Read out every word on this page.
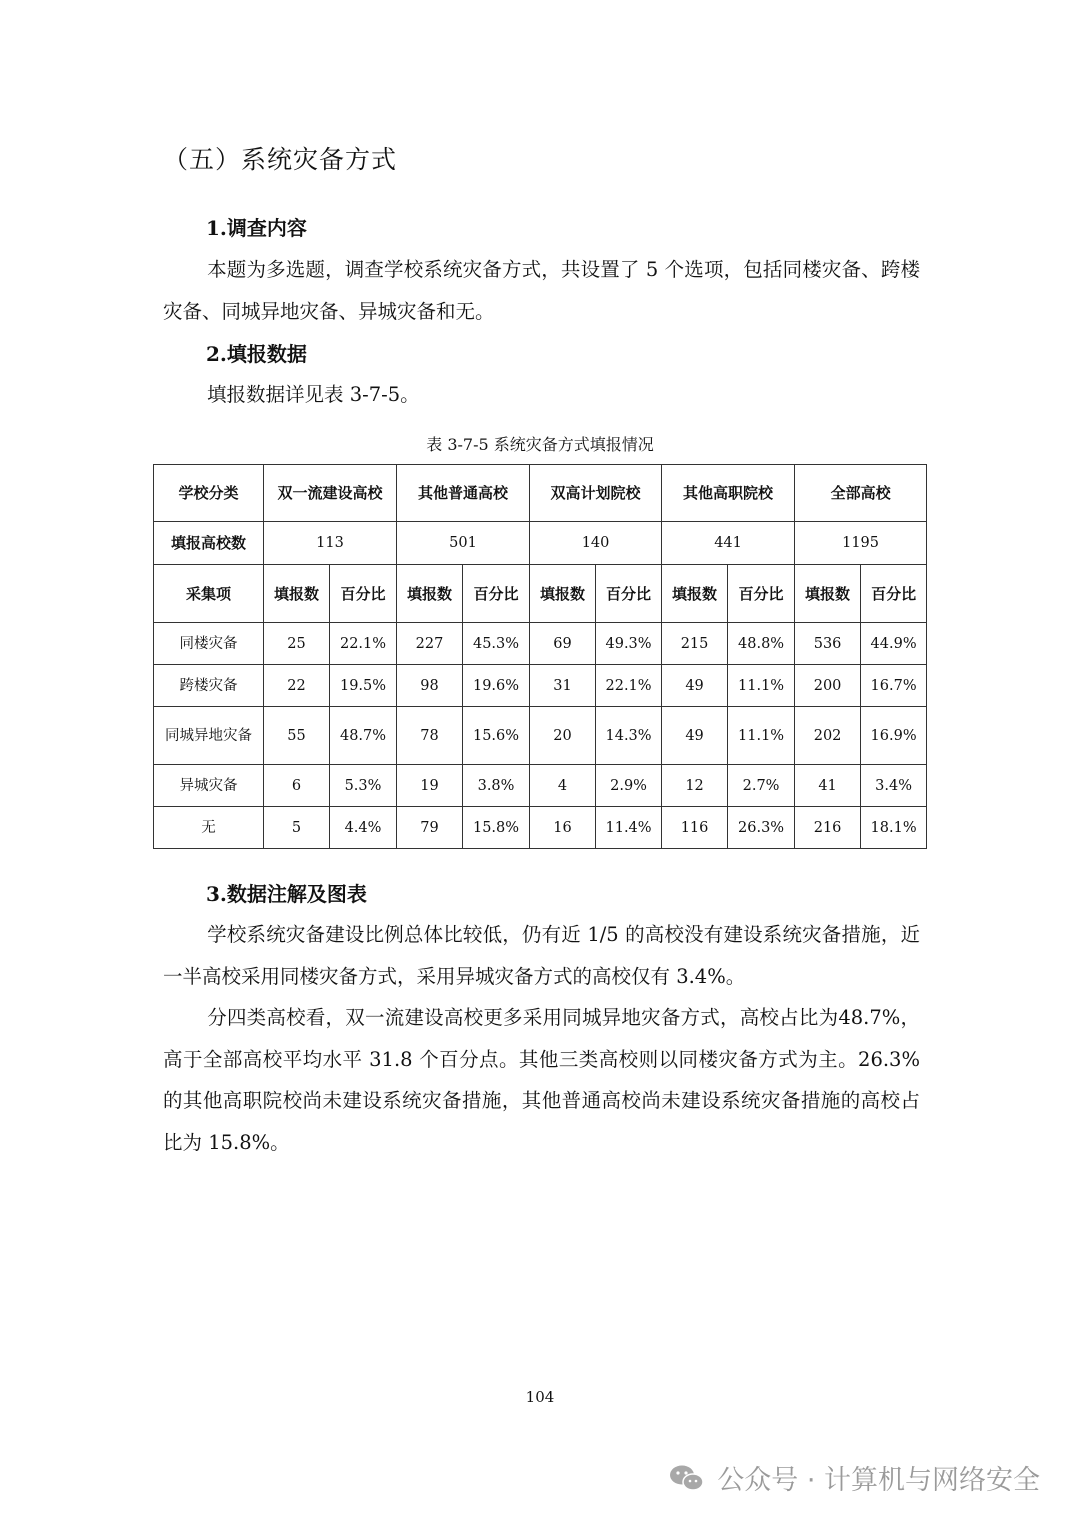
（五）系统灾备方式
1.调查内容
本题为多选题，调查学校系统灾备方式，共设置了 5 个选项，包括同楼灾备、跨楼灾备、同城异地灾备、异城灾备和无。
2.填报数据
填报数据详见表 3-7-5。
表 3-7-5 系统灾备方式填报情况
学校分类	双一流建设高校		其他普通高校		双高计划院校		其他高职院校		全部高校	
填报高校数	113		501		140		441		1195	
采集项	填报数	百分比	填报数	百分比	填报数	百分比	填报数	百分比	填报数	百分比
同楼灾备	25	22.1%	227	45.3%	69	49.3%	215	48.8%	536	44.9%
跨楼灾备	22	19.5%	98	19.6%	31	22.1%	49	11.1%	200	16.7%
同城异地灾备	55	48.7%	78	15.6%	20	14.3%	49	11.1%	202	16.9%
异城灾备	6	5.3%	19	3.8%	4	2.9%	12	2.7%	41	3.4%
无	5	4.4%	79	15.8%	16	11.4%	116	26.3%	216	18.1%
3.数据注解及图表
学校系统灾备建设比例总体比较低，仍有近 1/5 的高校没有建设系统灾备措施，近一半高校采用同楼灾备方式，采用异城灾备方式的高校仅有 3.4%。
分四类高校看，双一流建设高校更多采用同城异地灾备方式，高校占比为48.7%，高于全部高校平均水平 31.8 个百分点。其他三类高校则以同楼灾备方式为主。26.3%的其他高职院校尚未建设系统灾备措施，其他普通高校尚未建设系统灾备措施的高校占比为 15.8%。
104
公众号 · 计算机与网络安全
